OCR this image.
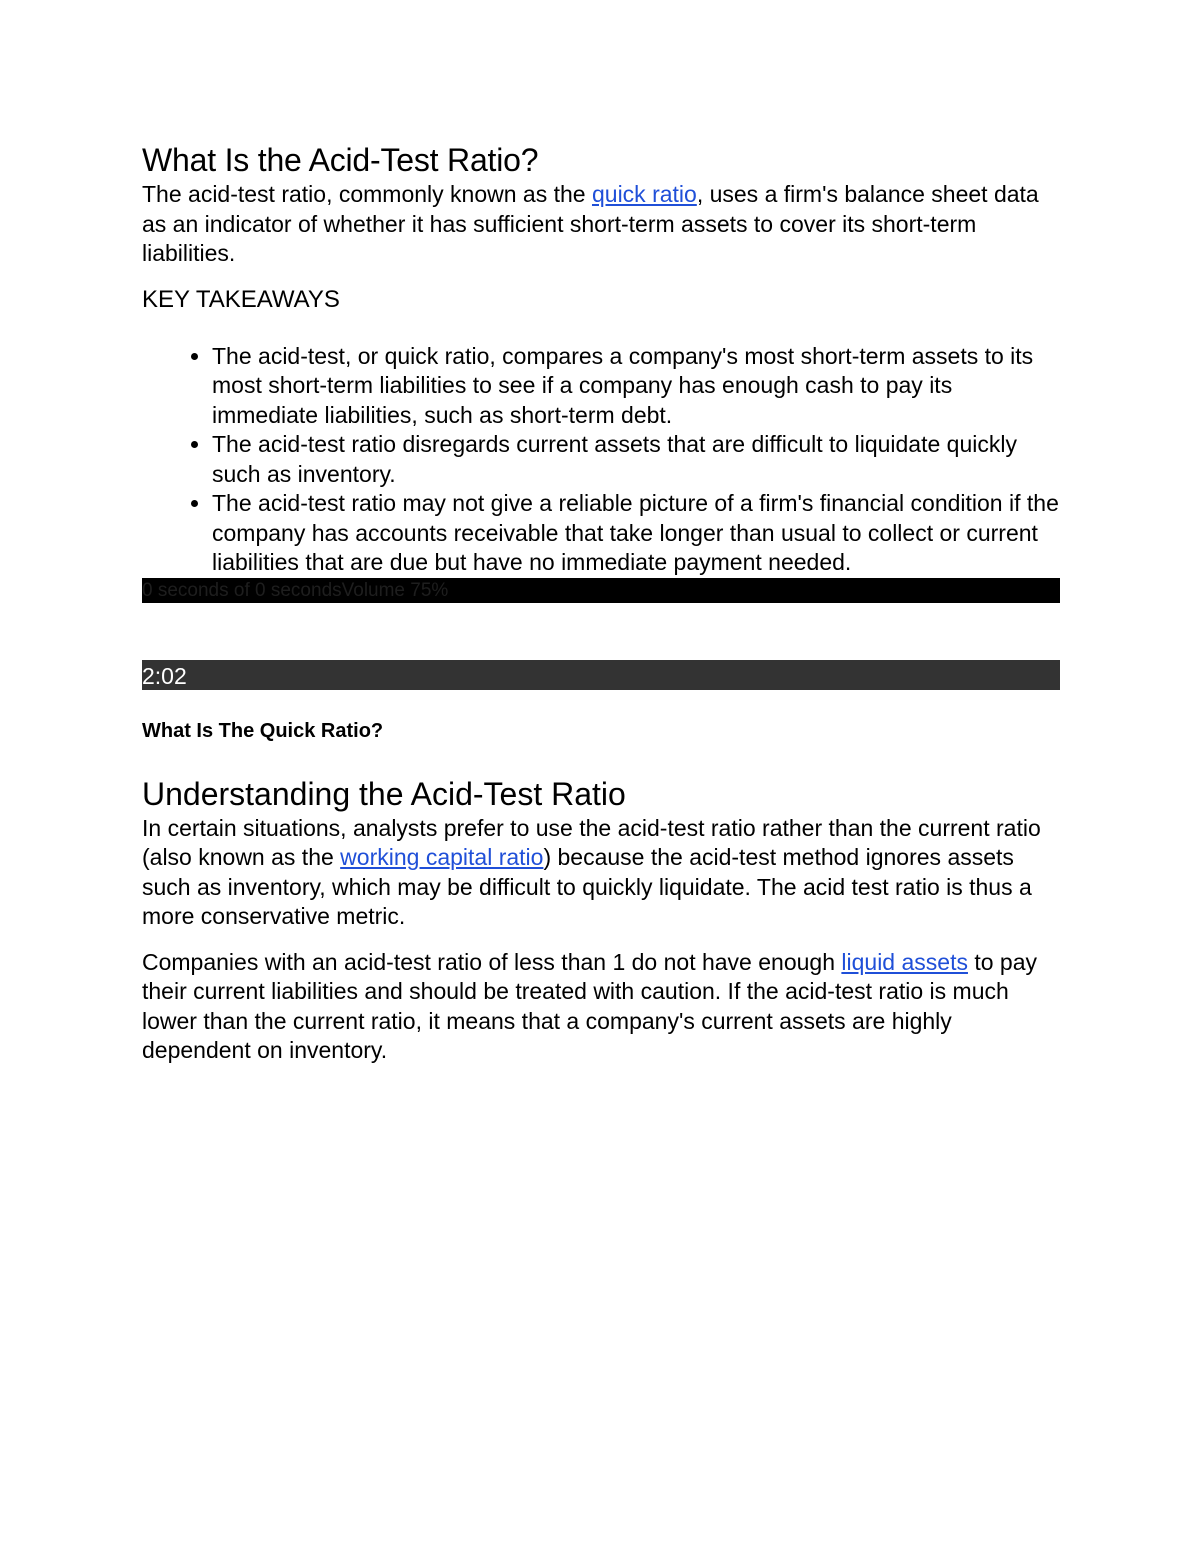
What Is the Acid-Test Ratio?

The acid-test ratio, commonly known as the quick ratio, uses a firm's balance sheet data as an indicator of whether it has sufficient short-term assets to cover its short-term liabilities.

KEY TAKEAWAYS
• The acid-test, or quick ratio, compares a company's most short-term assets to its most short-term liabilities to see if a company has enough cash to pay its immediate liabilities, such as short-term debt.
• The acid-test ratio disregards current assets that are difficult to liquidate quickly such as inventory.
• The acid-test ratio may not give a reliable picture of a firm's financial condition if the company has accounts receivable that take longer than usual to collect or current liabilities that are due but have no immediate payment needed.
0 seconds of 0 secondsVolume 75%
2:02
What Is The Quick Ratio?
Understanding the Acid-Test Ratio

In certain situations, analysts prefer to use the acid-test ratio rather than the current ratio (also known as the working capital ratio) because the acid-test method ignores assets such as inventory, which may be difficult to quickly liquidate. The acid test ratio is thus a more conservative metric.

Companies with an acid-test ratio of less than 1 do not have enough liquid assets to pay their current liabilities and should be treated with caution. If the acid-test ratio is much lower than the current ratio, it means that a company's current assets are highly dependent on inventory.
